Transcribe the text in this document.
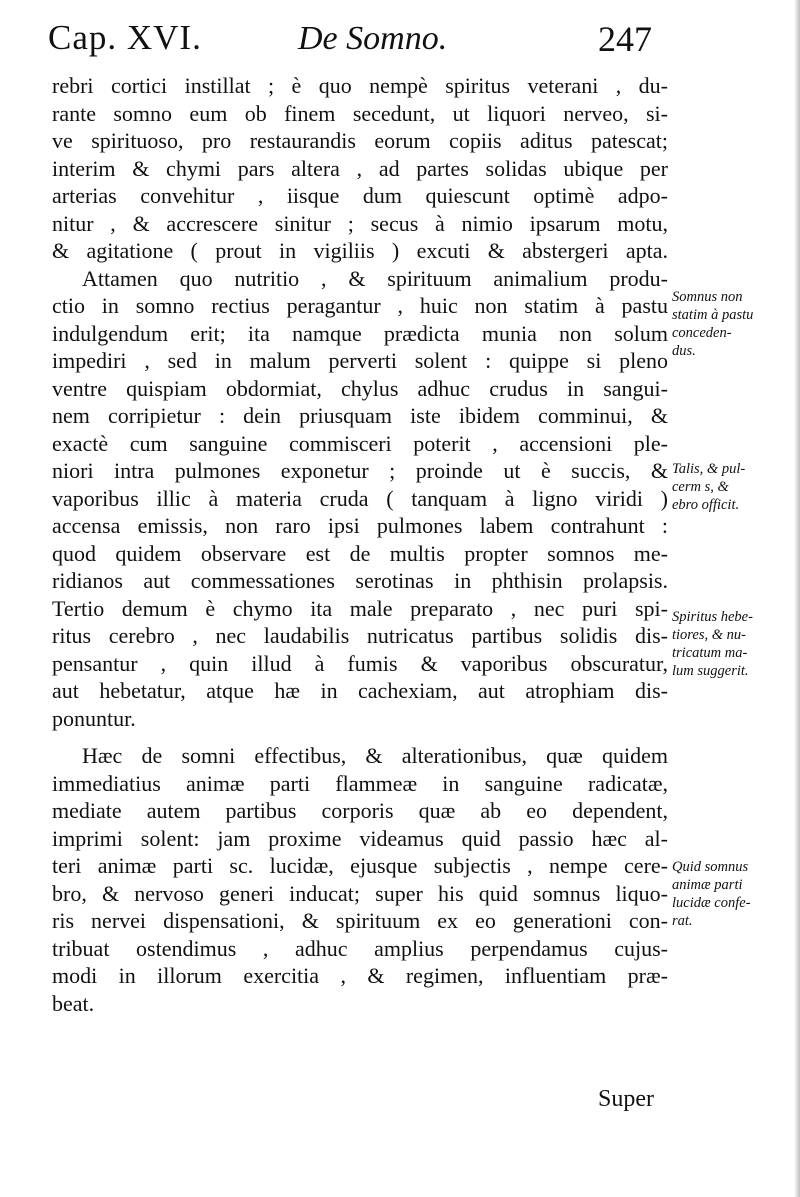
Cap. XVI.	De Somno.	247
rebri cortici instillat ; è quo nempè spiritus veterani , du-
rante somno eum ob finem secedunt, ut liquori nerveo, si-
ve spirituoso, pro restaurandis eorum copiis aditus patescat;
interim & chymi pars altera , ad partes solidas ubique per
arterias convehitur , iisque dum quiescunt optimè adpo-
nitur , & accrescere sinitur ; secus à nimio ipsarum motu,
& agitatione ( prout in vigiliis ) excuti & abstergeri apta.
Attamen quo nutritio , & spirituum animalium produ-
ctio in somno rectius peragantur , huic non statim à pastu
indulgendum erit; ita namque prædicta munia non solum
impediri , sed in malum perverti solent : quippe si pleno
ventre quispiam obdormiat, chylus adhuc crudus in sangui-
nem corripietur : dein priusquam iste ibidem comminui, &
exactè cum sanguine commisceri poterit , accensioni ple-
niori intra pulmones exponetur ; proinde ut è succis, &
vaporibus illic à materia cruda ( tanquam à ligno viridi )
accensa emissis, non raro ipsi pulmones labem contrahunt :
quod quidem observare est de multis propter somnos me-
ridianos aut commessationes serotinas in phthisin prolapsis.
Tertio demum è chymo ita male preparato , nec puri spi-
ritus cerebro , nec laudabilis nutricatus partibus solidis dis-
pensantur , quin illud à fumis & vaporibus obscuratur,
aut hebetatur, atque hæ in cachexiam, aut atrophiam dis-
ponuntur.
Hæc de somni effectibus, & alterationibus, quæ quidem
immediatius animæ parti flammeæ in sanguine radicatæ,
mediate autem partibus corporis quæ ab eo dependent,
imprimi solent: jam proxime videamus quid passio hæc al-
teri animæ parti sc. lucidæ, ejusque subjectis , nempe cere-
bro, & nervoso generi inducat; super his quid somnus liquo-
ris nervei dispensationi, & spirituum ex eo generationi con-
tribuat ostendimus , adhuc amplius perpendamus cujus-
modi in illorum exercitia , & regimen, influentiam præ-
beat.
Somnus non
statim à pastu
conceden-
dus.
Talis, & pul-
cerm s, &
ebro officit.
Spiritus hebe-
tiores, & nu-
tricatum ma-
lum suggerit.
Quid somnus
animæ parti
lucidæ confe-
rat.
Super
